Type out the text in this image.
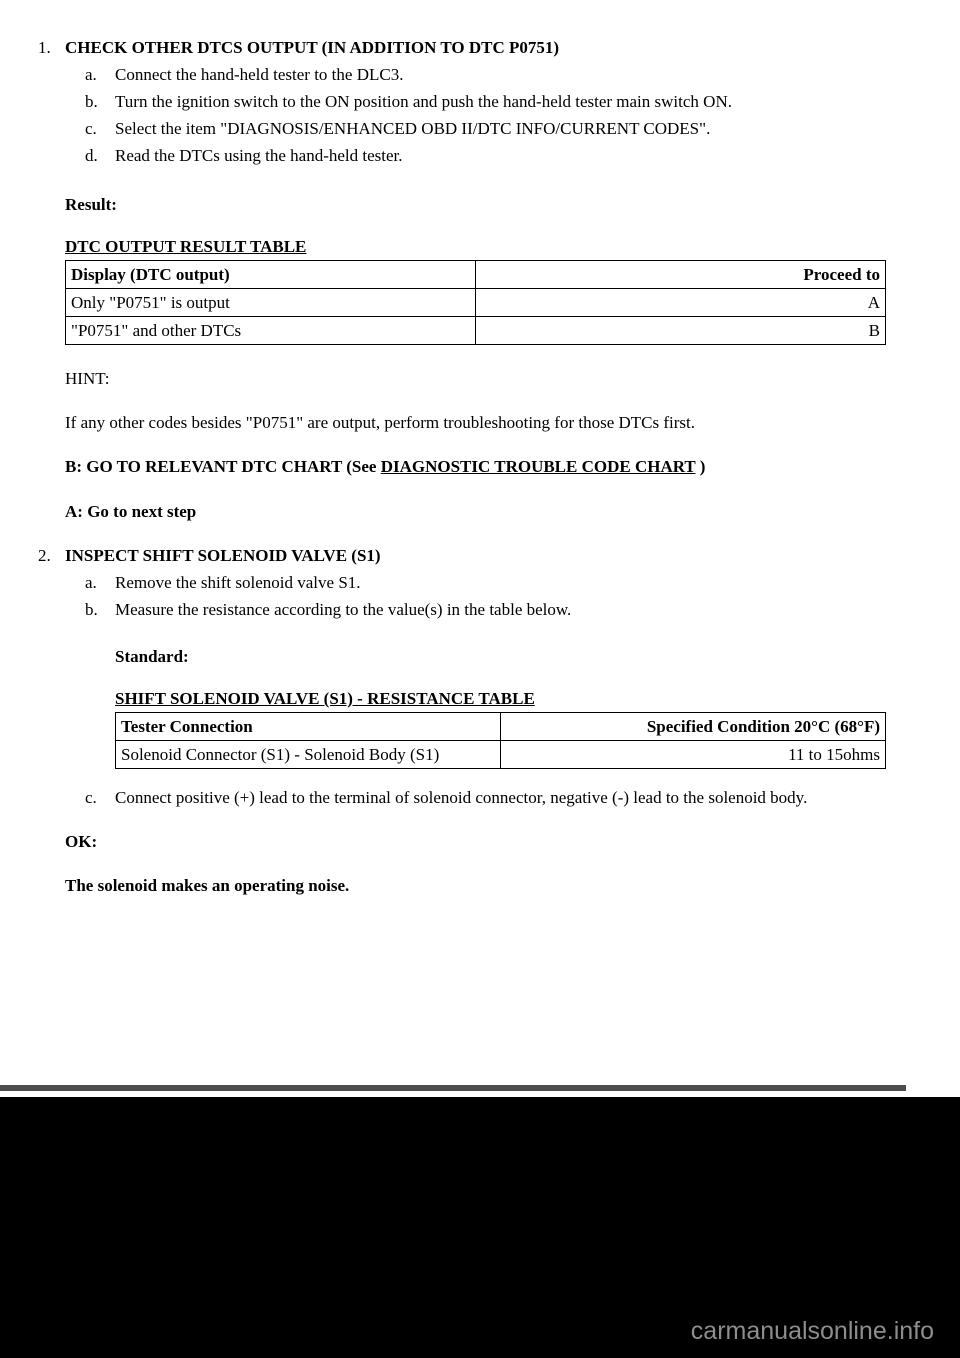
1. CHECK OTHER DTCS OUTPUT (IN ADDITION TO DTC P0751)
a.	Connect the hand-held tester to the DLC3.
b.	Turn the ignition switch to the ON position and push the hand-held tester main switch ON.
c.	Select the item "DIAGNOSIS/ENHANCED OBD II/DTC INFO/CURRENT CODES".
d.	Read the DTCs using the hand-held tester.

Result:

DTC OUTPUT RESULT TABLE

Display (DTC output)	Proceed to
Only "P0751" is output	A
"P0751" and other DTCs	B

HINT:

If any other codes besides "P0751" are output, perform troubleshooting for those DTCs first.

B: GO TO RELEVANT DTC CHART (See DIAGNOSTIC TROUBLE CODE CHART )

A: Go to next step

2. INSPECT SHIFT SOLENOID VALVE (S1)
a.	Remove the shift solenoid valve S1.
b.	Measure the resistance according to the value(s) in the table below.

Standard:

SHIFT SOLENOID VALVE (S1) - RESISTANCE TABLE

Tester Connection	Specified Condition 20°C (68°F)
Solenoid Connector (S1) - Solenoid Body (S1)	11 to 15ohms
c.	Connect positive (+) lead to the terminal of solenoid connector, negative (-) lead to the solenoid body.

OK:

The solenoid makes an operating noise.

carmanualsonline.info
